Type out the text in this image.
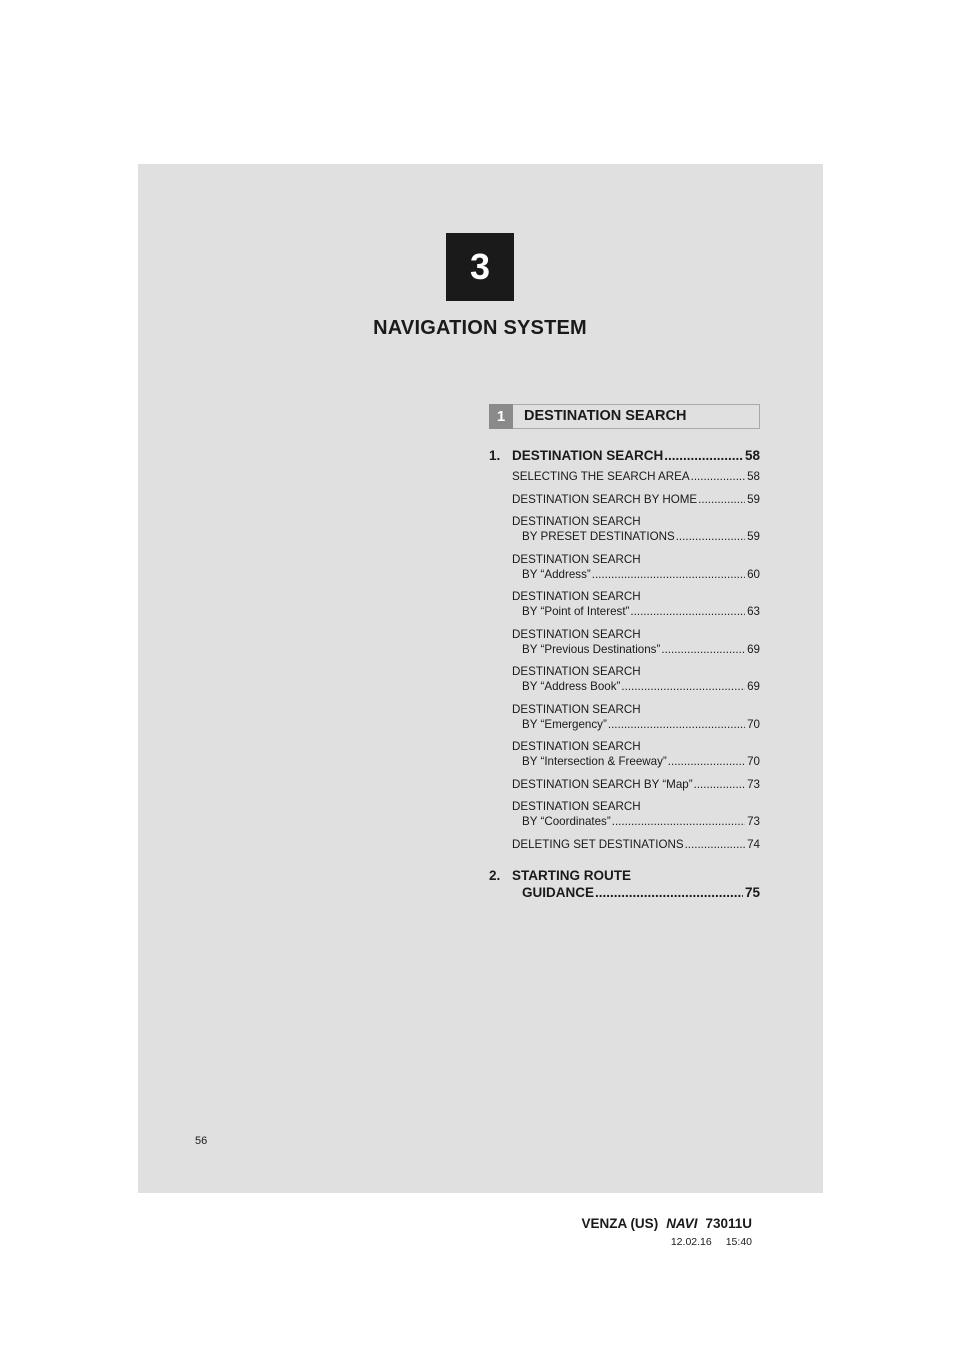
3
NAVIGATION SYSTEM
1	DESTINATION SEARCH
1. DESTINATION SEARCH .....	58
SELECTING THE SEARCH AREA .....	58
DESTINATION SEARCH BY HOME .....	59
DESTINATION SEARCH
BY PRESET DESTINATIONS .....	59
DESTINATION SEARCH
BY “Address” .....	60
DESTINATION SEARCH
BY “Point of Interest” .....	63
DESTINATION SEARCH
BY “Previous Destinations” .....	69
DESTINATION SEARCH
BY “Address Book” .....	69
DESTINATION SEARCH
BY “Emergency” .....	70
DESTINATION SEARCH
BY “Intersection & Freeway” .....	70
DESTINATION SEARCH BY “Map” .....	73
DESTINATION SEARCH
BY “Coordinates” .....	73
DELETING SET DESTINATIONS .....	74
2. STARTING ROUTE
GUIDANCE .....	75
56
VENZA (US) NAVI 73011U
12.02.16 15:40
